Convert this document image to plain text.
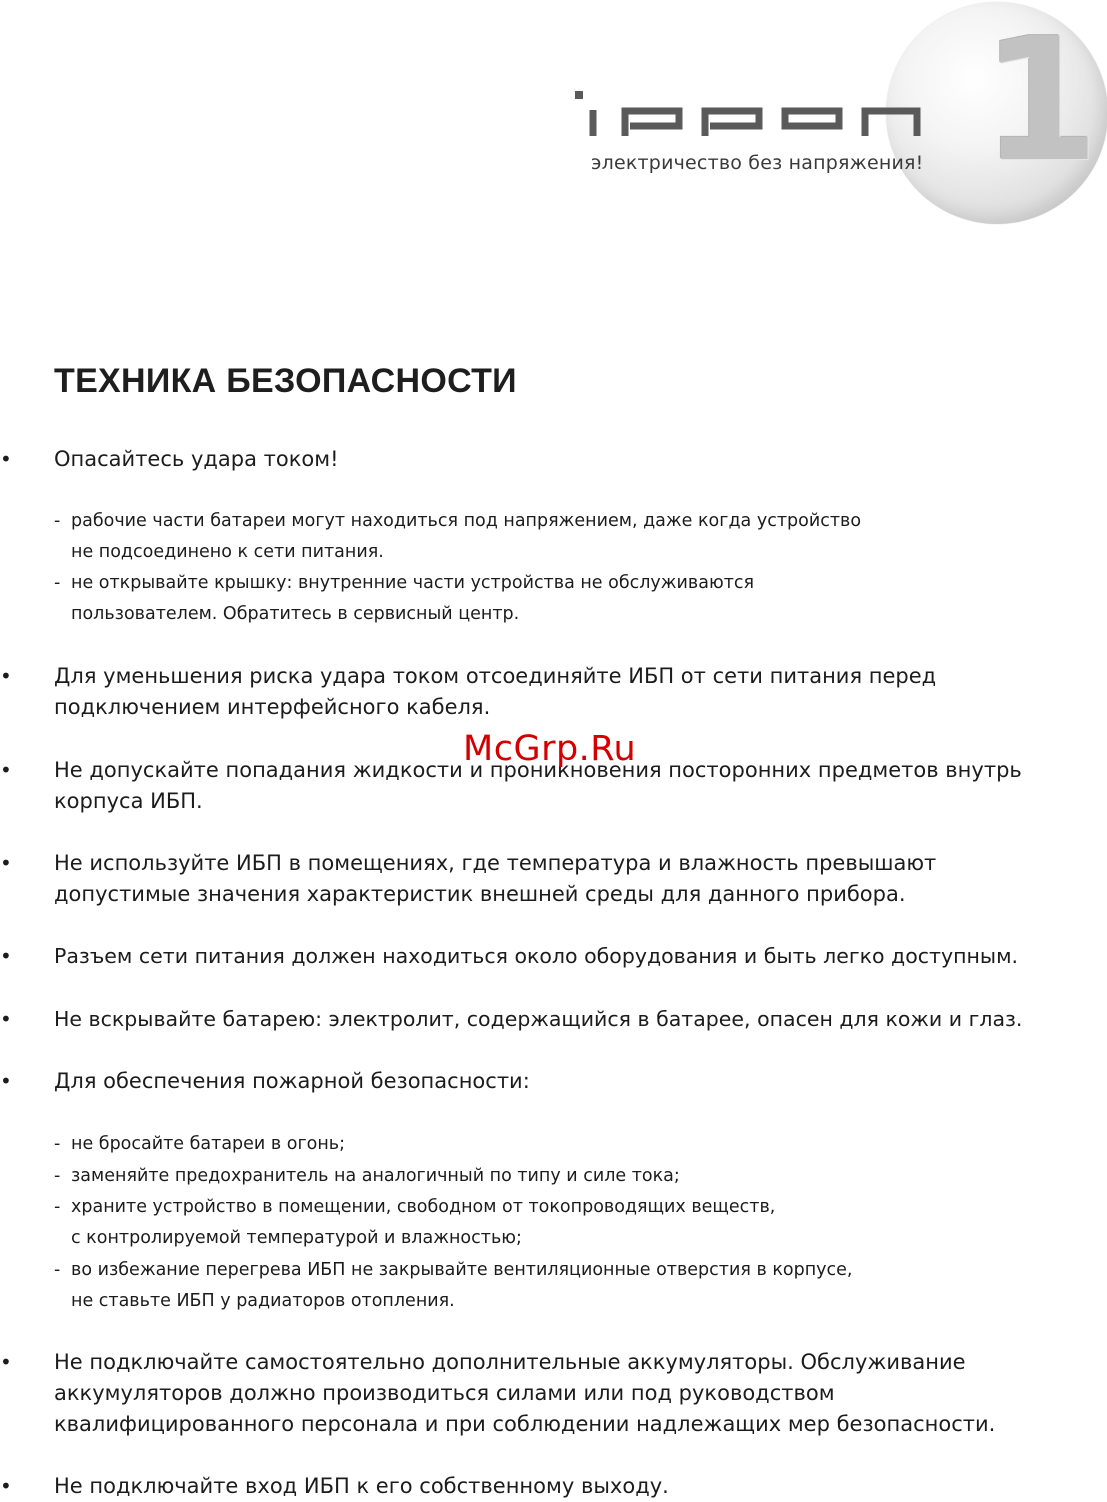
1
электричество без напряжения!
ТЕХНИКА БЕЗОПАСНОСТИ
• Опасайтесь удара током!
- рабочие части батареи могут находиться под напряжением, даже когда устройство
не подсоединено к сети питания.
- не открывайте крышку: внутренние части устройства не обслуживаются
пользователем. Обратитесь в сервисный центр.
• Для уменьшения риска удара током отсоединяйте ИБП от сети питания перед
подключением интерфейсного кабеля.
• Не допускайте попадания жидкости и проникновения посторонних предметов внутрь
корпуса ИБП.
• Не используйте ИБП в помещениях, где температура и влажность превышают
допустимые значения характеристик внешней среды для данного прибора.
• Разъем сети питания должен находиться около оборудования и быть легко доступным.
• Не вскрывайте батарею: электролит, содержащийся в батарее, опасен для кожи и глаз.
• Для обеспечения пожарной безопасности:
- не бросайте батареи в огонь;
- заменяйте предохранитель на аналогичный по типу и силе тока;
- храните устройство в помещении, свободном от токопроводящих веществ,
с контролируемой температурой и влажностью;
- во избежание перегрева ИБП не закрывайте вентиляционные отверстия в корпусе,
не ставьте ИБП у радиаторов отопления.
• Не подключайте самостоятельно дополнительные аккумуляторы. Обслуживание
аккумуляторов должно производиться силами или под руководством
квалифицированного персонала и при соблюдении надлежащих мер безопасности.
• Не подключайте вход ИБП к его собственному выходу.
McGrp.Ru
